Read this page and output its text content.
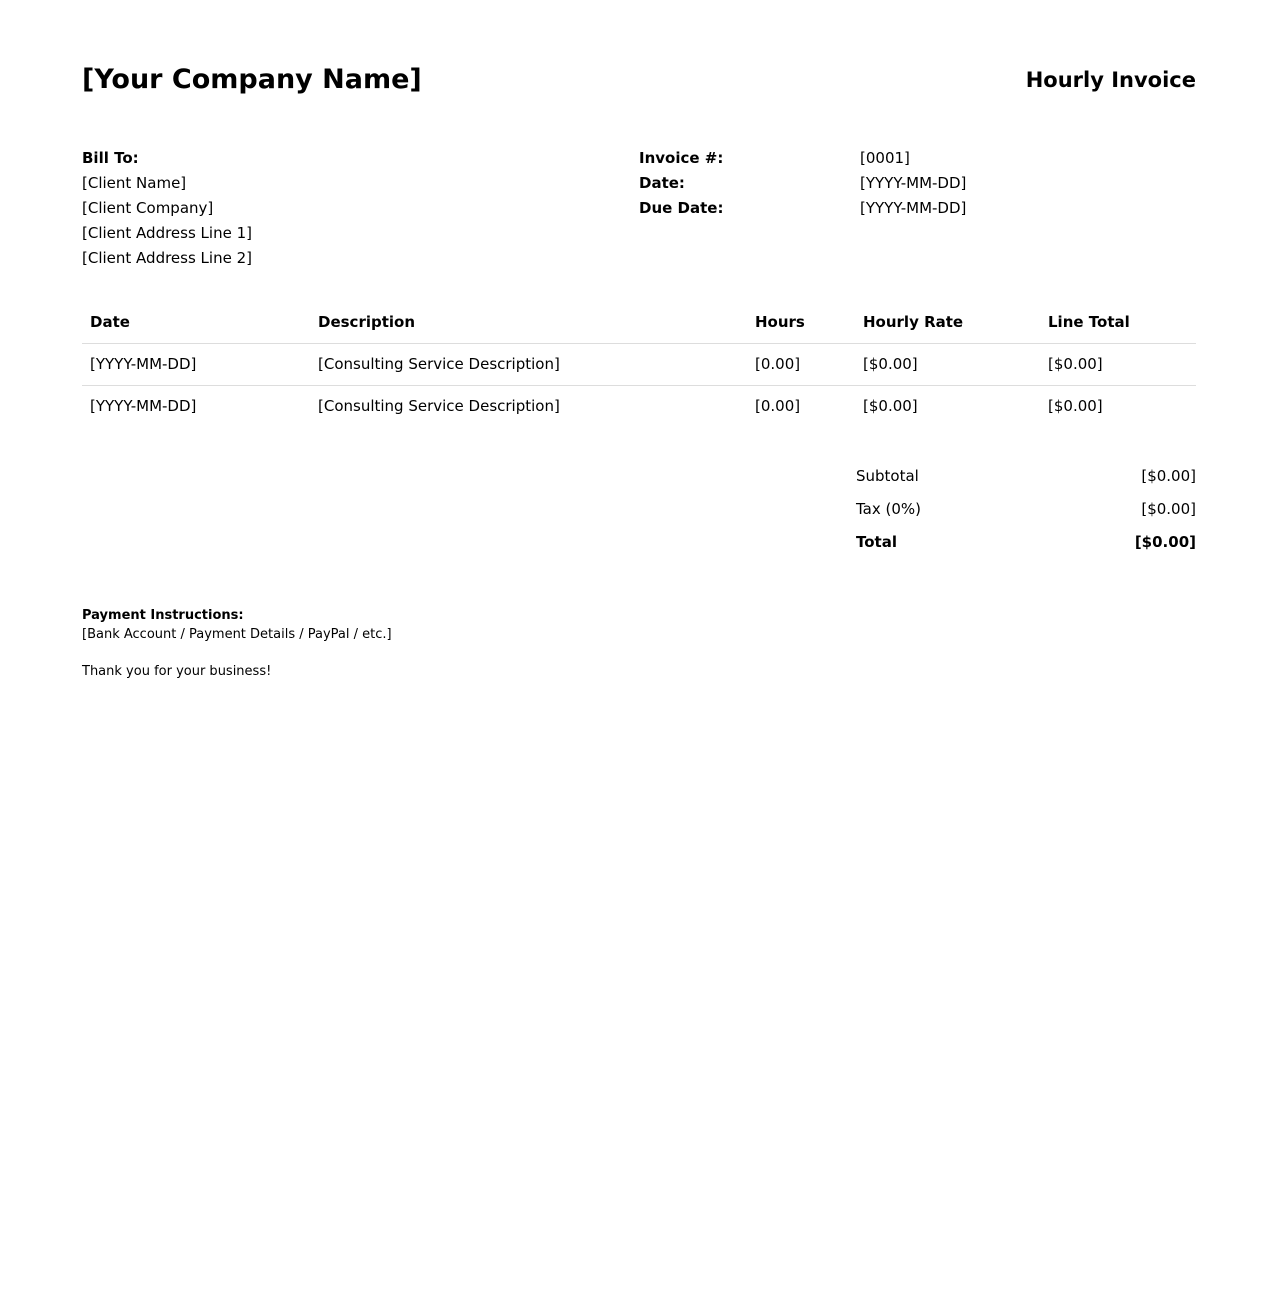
[Your Company Name]	Hourly Invoice
Bill To:
[Client Name]
[Client Company]
[Client Address Line 1]
[Client Address Line 2]
Invoice #:	[0001]
Date:	[YYYY-MM-DD]
Due Date:	[YYYY-MM-DD]
Date	Description	Hours	Hourly Rate	Line Total
[YYYY-MM-DD]	[Consulting Service Description]	[0.00]	[$0.00]	[$0.00]
[YYYY-MM-DD]	[Consulting Service Description]	[0.00]	[$0.00]	[$0.00]
Subtotal	[$0.00]
Tax (0%)	[$0.00]
Total	[$0.00]
Payment Instructions:
[Bank Account / Payment Details / PayPal / etc.]
Thank you for your business!
